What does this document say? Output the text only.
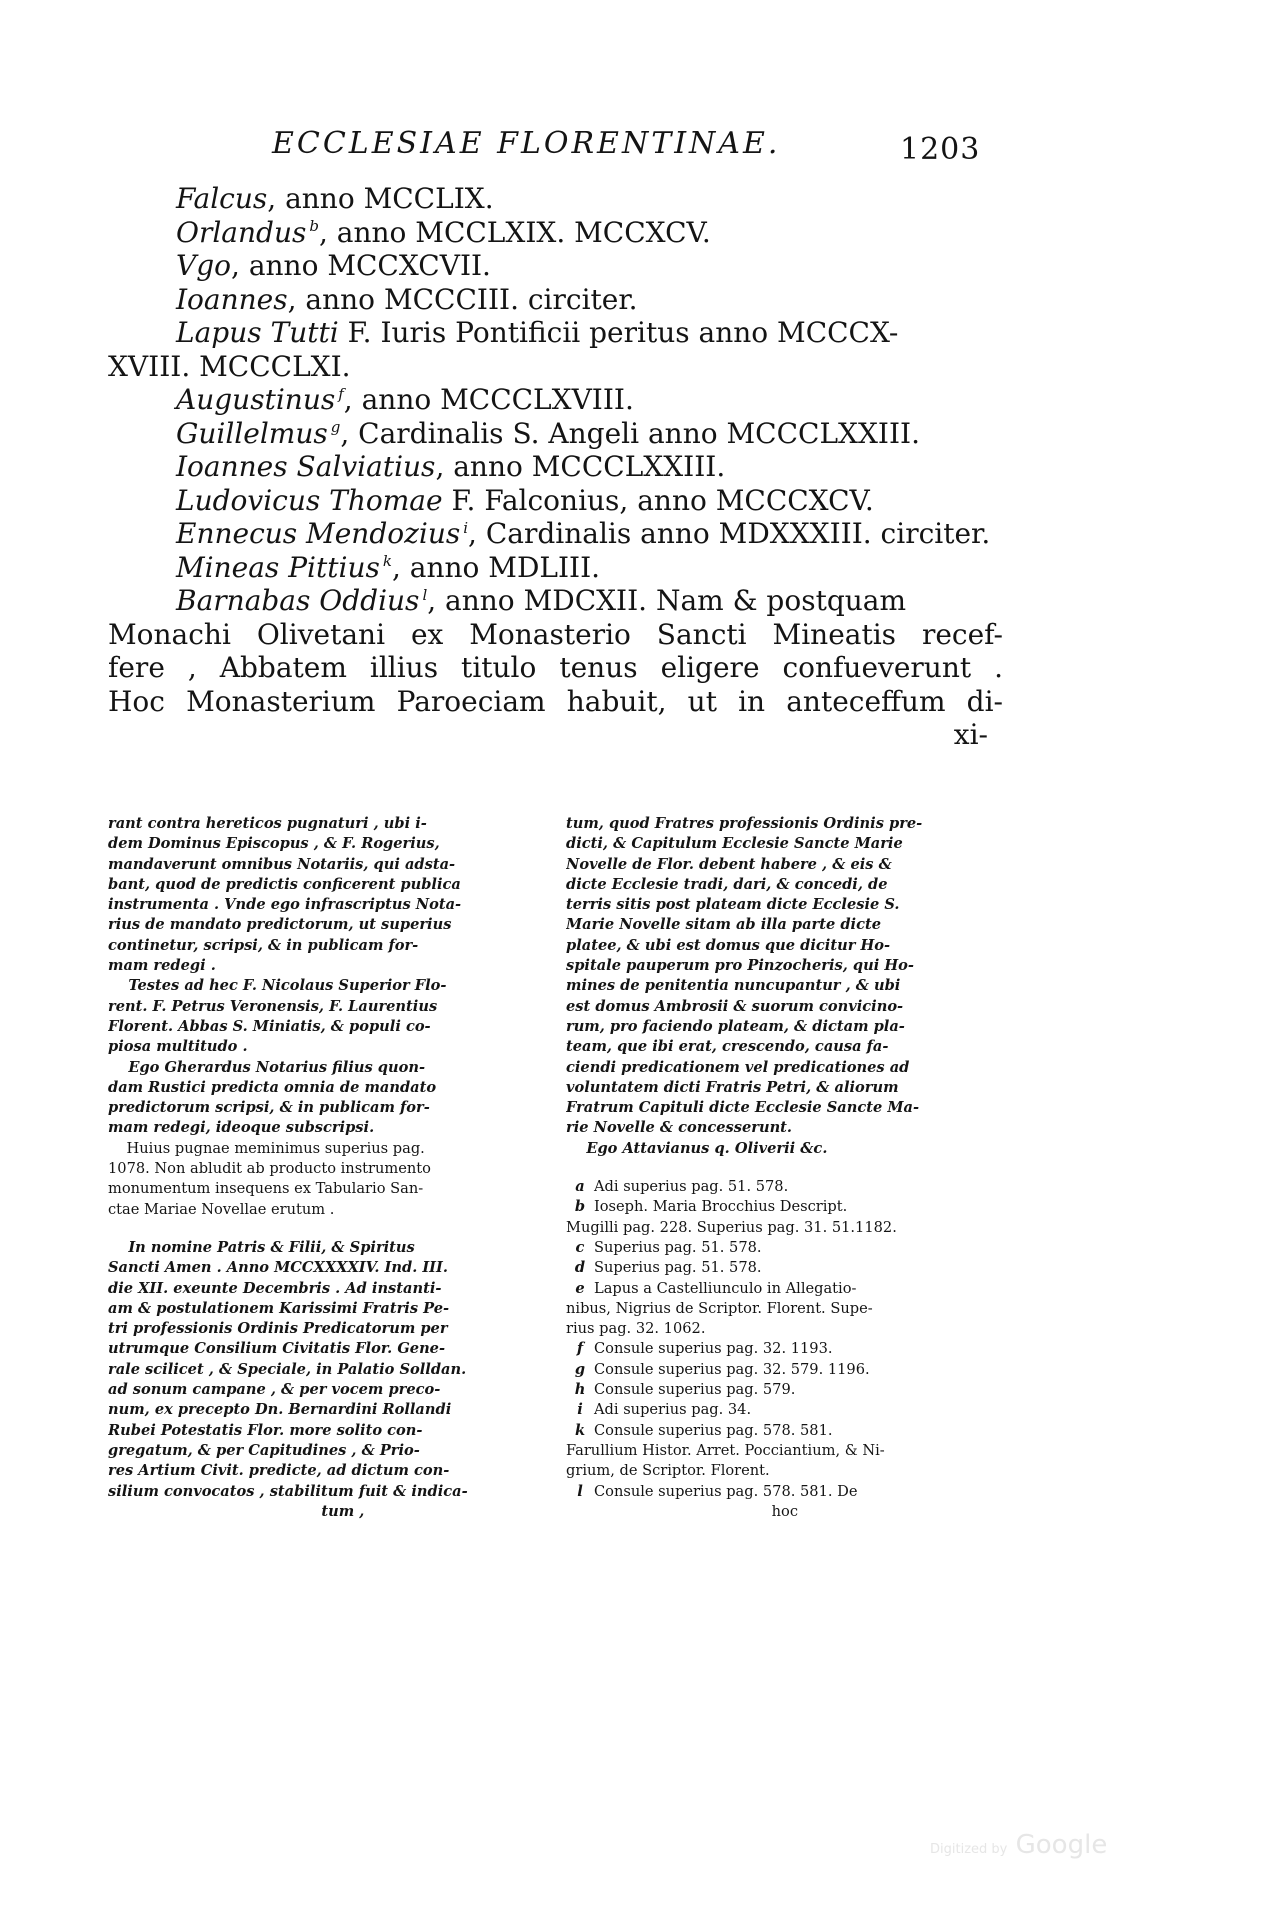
ECCLESIAE FLORENTINAE.	1203
Falcus, anno MCCLIX.
Orlandus $^b$, anno MCCLXIX. MCCXCV.
Vgo, anno MCCXCVII.
Ioannes, anno MCCCIII. circiter.
Lapus Tutti F. Iuris Pontificii peritus anno MCCCX-
XVIII. MCCCLXI.
Augustinus $^f$, anno MCCCLXVIII.
Guillelmus $^g$, Cardinalis S. Angeli anno MCCCLXXIII.
Ioannes Salviatius, anno MCCCLXXIII.
Ludovicus Thomae F. Falconius, anno MCCCXCV.
Ennecus Mendozius $^i$, Cardinalis anno MDXXXIII. circiter.
Mineas Pittius $^k$, anno MDLIII.
Barnabas Oddius $^l$, anno MDCXII. Nam & postquam
Monachi Olivetani ex Monasterio Sancti Mineatis recef-
fere , Abbatem illius titulo tenus eligere confueverunt .
Hoc Monasterium Paroeciam habuit, ut in anteceffum di-
xi-
rant contra hereticos pugnaturi , ubi i-
dem Dominus Episcopus , & F. Rogerius,
mandaverunt omnibus Notariis, qui adsta-
bant, quod de predictis conficerent publica
instrumenta . Vnde ego infrascriptus Nota-
rius de mandato predictorum, ut superius
continetur, scripsi, & in publicam for-
mam redegi .
Testes ad hec F. Nicolaus Superior Flo-
rent. F. Petrus Veronensis, F. Laurentius
Florent. Abbas S. Miniatis, & populi co-
piosa multitudo .
Ego Gherardus Notarius filius quon-
dam Rustici predicta omnia de mandato
predictorum scripsi, & in publicam for-
mam redegi, ideoque subscripsi.
Huius pugnae meminimus superius pag.
1078. Non abludit ab producto instrumento
monumentum insequens ex Tabulario San-
ctae Mariae Novellae erutum .
In nomine Patris & Filii, & Spiritus
Sancti Amen . Anno MCCXXXXIV. Ind. III.
die XII. exeunte Decembris . Ad instanti-
am & postulationem Karissimi Fratris Pe-
tri professionis Ordinis Predicatorum per
utrumque Consilium Civitatis Flor. Gene-
rale scilicet , & Speciale, in Palatio Solldan.
ad sonum campane , & per vocem preco-
num, ex precepto Dn. Bernardini Rollandi
Rubei Potestatis Flor. more solito con-
gregatum, & per Capitudines , & Prio-
res Artium Civit. predicte, ad dictum con-
silium convocatos , stabilitum fuit & indica-
tum ,
tum, quod Fratres professionis Ordinis pre-
dicti, & Capitulum Ecclesie Sancte Marie
Novelle de Flor. debent habere , & eis &
dicte Ecclesie tradi, dari, & concedi, de
terris sitis post plateam dicte Ecclesie S.
Marie Novelle sitam ab illa parte dicte
platee, & ubi est domus que dicitur Ho-
spitale pauperum pro Pinzocheris, qui Ho-
mines de penitentia nuncupantur , & ubi
est domus Ambrosii & suorum convicino-
rum, pro faciendo plateam, & dictam pla-
team, que ibi erat, crescendo, causa fa-
ciendi predicationem vel predicationes ad
voluntatem dicti Fratris Petri, & aliorum
Fratrum Capituli dicte Ecclesie Sancte Ma-
rie Novelle & concesserunt.
Ego Attavianus q. Oliverii &c.
a Adi superius pag. 51. 578.
b Ioseph. Maria Brocchius Descript.
Mugilli pag. 228. Superius pag. 31. 51.1182.
c Superius pag. 51. 578.
d Superius pag. 51. 578.
e Lapus a Castelliunculo in Allegatio-
nibus, Nigrius de Scriptor. Florent. Supe-
rius pag. 32. 1062.
f Consule superius pag. 32. 1193.
g Consule superius pag. 32. 579. 1196.
h Consule superius pag. 579.
i Adi superius pag. 34.
k Consule superius pag. 578. 581.
Farullium Histor. Arret. Pocciantium, & Ni-
grium, de Scriptor. Florent.
l Consule superius pag. 578. 581. De
hoc
Digitized by Google
